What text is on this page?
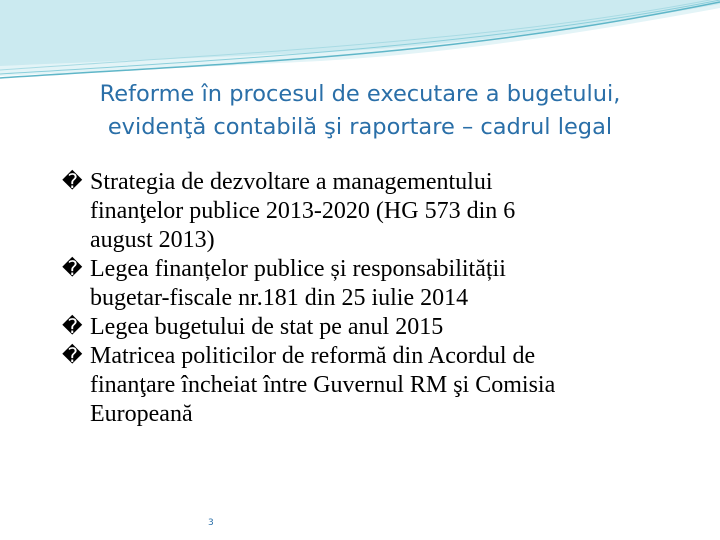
Reforme în procesul de executare a bugetului,
evidenţă contabilă şi raportare – cadrul legal
� Strategia de dezvoltare a managementului
finanţelor publice 2013-2020 (HG 573 din 6
august 2013)
� Legea finanțelor publice și responsabilității
bugetar-fiscale nr.181 din 25 iulie 2014
� Legea bugetului de stat pe anul 2015
� Matricea politicilor de reformă din Acordul de
finanţare încheiat între Guvernul RM şi Comisia
Europeană
3
